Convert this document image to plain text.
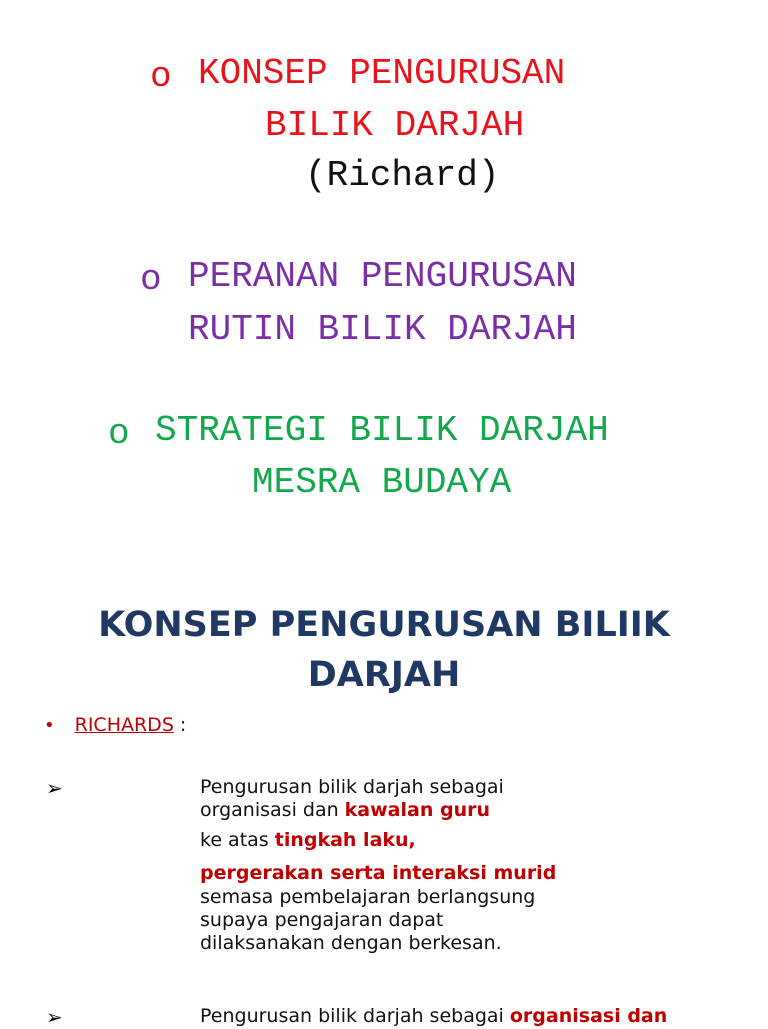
o KONSEP PENGURUSAN
BILIK DARJAH
(Richard)
o PERANAN PENGURUSAN
RUTIN BILIK DARJAH
o STRATEGI BILIK DARJAH
MESRA BUDAYA
KONSEP PENGURUSAN BILIIK
DARJAH
• RICHARDS :
➢	Pengurusan bilik darjah sebagai
organisasi dan kawalan guru
ke atas tingkah laku,
pergerakan serta interaksi murid
semasa pembelajaran berlangsung
supaya pengajaran dapat
dilaksanakan dengan berkesan.
➢	Pengurusan bilik darjah sebagai organisasi dan
